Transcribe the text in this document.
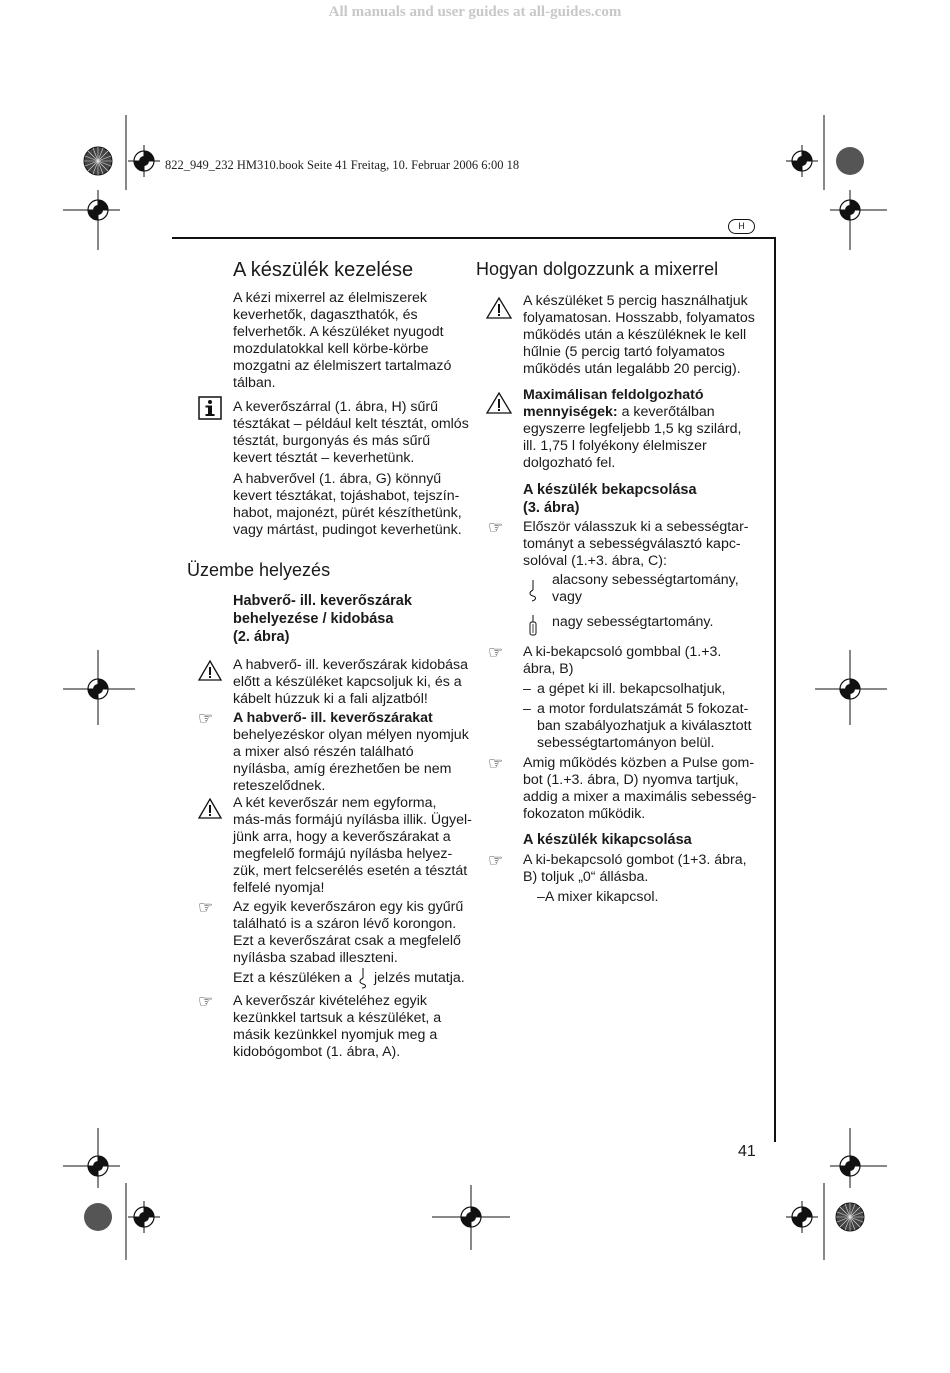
All manuals and user guides at all-guides.com
822_949_232 HM310.book Seite 41 Freitag, 10. Februar 2006 6:00 18
H
A készülék kezelése
A kézi mixerrel az élelmiszerek
keverhetők, dagaszthatók, és
felverhetők. A készüléket nyugodt
mozdulatokkal kell körbe-körbe
mozgatni az élelmiszert tartalmazó
tálban.
A keverőszárral (1. ábra, H) sűrű
tésztákat – például kelt tésztát, omlós
tésztát, burgonyás és más sűrű
kevert tésztát – keverhetünk.
A habverővel (1. ábra, G) könnyű
kevert tésztákat, tojáshabot, tejszín-
habot, majonézt, pürét készíthetünk,
vagy mártást, pudingot keverhetünk.
Üzembe helyezés
Habverő- ill. keverőszárak
behelyezése / kidobása
(2. ábra)
A habverő- ill. keverőszárak kidobása
előtt a készüléket kapcsoljuk ki, és a
kábelt húzzuk ki a fali aljzatból!
☞ A habverő- ill. keverőszárakat
behelyezéskor olyan mélyen nyomjuk
a mixer alsó részén található
nyílásba, amíg érezhetően be nem
reteszelődnek.
A két keverőszár nem egyforma,
más-más formájú nyílásba illik. Ügyel-
jünk arra, hogy a keverőszárakat a
megfelelő formájú nyílásba helyez-
zük, mert felcserélés esetén a tésztát
felfelé nyomja!
☞ Az egyik keverőszáron egy kis gyűrű
található is a száron lévő korongon.
Ezt a keverőszárat csak a megfelelő
nyílásba szabad illeszteni.
Ezt a készüléken a jelzés mutatja.
☞ A keverőszár kivételéhez egyik
kezünkkel tartsuk a készüléket, a
másik kezünkkel nyomjuk meg a
kidobógombot (1. ábra, A).
Hogyan dolgozzunk a mixerrel
A készüléket 5 percig használhatjuk
folyamatosan. Hosszabb, folyamatos
működés után a készüléknek le kell
hűlnie (5 percig tartó folyamatos
működés után legalább 20 percig).
Maximálisan feldolgozható
mennyiségek: a keverőtálban
egyszerre legfeljebb 1,5 kg szilárd,
ill. 1,75 l folyékony élelmiszer
dolgozható fel.
A készülék bekapcsolása
(3. ábra)
☞ Először válasszuk ki a sebességtar-
tományt a sebességválasztó kapc-
solóval (1.+3. ábra, C):
alacsony sebességtartomány,
vagy
nagy sebességtartomány.
☞ A ki-bekapcsoló gombbal (1.+3.
ábra, B)
– a gépet ki ill. bekapcsolhatjuk,
– a motor fordulatszámát 5 fokozat-
ban szabályozhatjuk a kiválasztott
sebességtartományon belül.
☞ Amig működés közben a Pulse gom-
bot (1.+3. ábra, D) nyomva tartjuk,
addig a mixer a maximális sebesség-
fokozaton működik.
A készülék kikapcsolása
☞ A ki-bekapcsoló gombot (1+3. ábra,
B) toljuk „0“ állásba.
–A mixer kikapcsol.
41
